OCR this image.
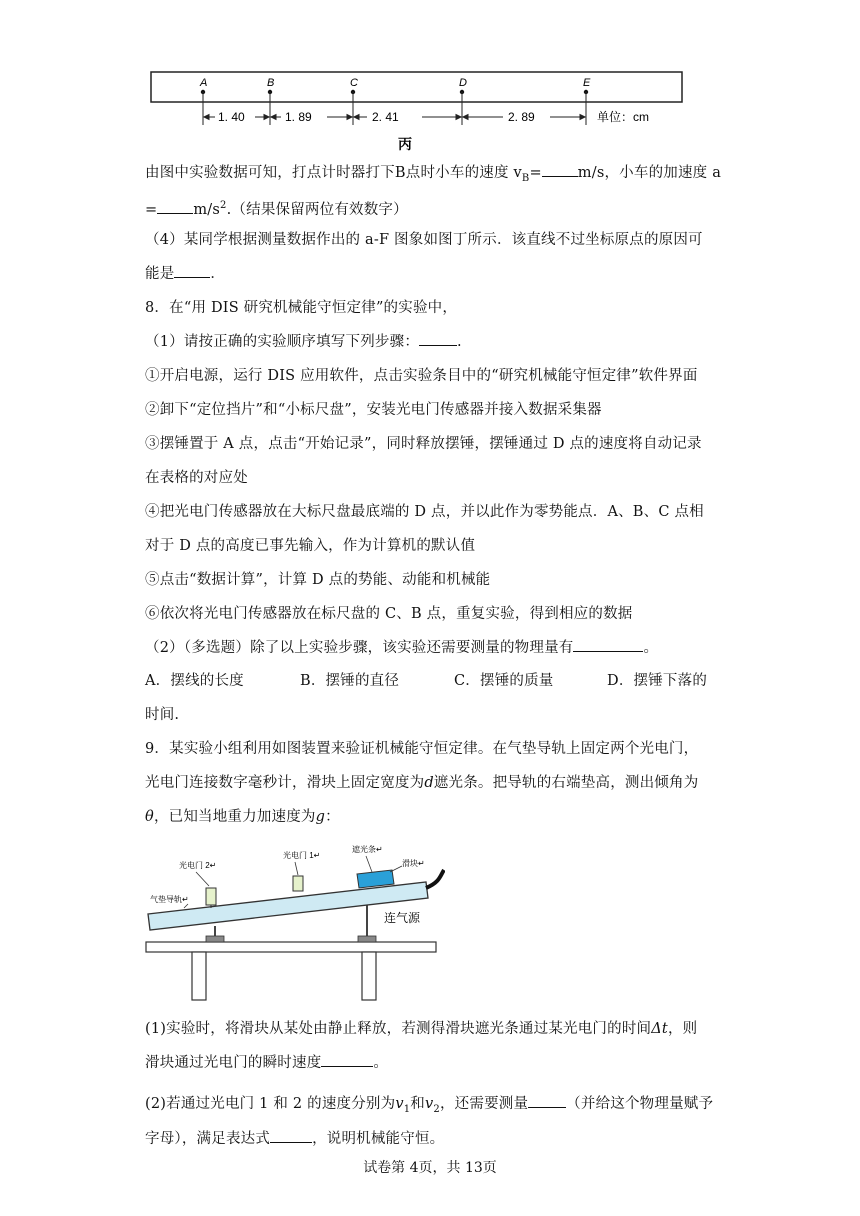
A	B	C	D	E
1. 40	1. 89	2. 41	2. 89	单位：cm
丙
由图中实验数据可知，打点计时器打下B点时小车的速度 $v_B= m/s$，小车的加速度 a
= $m/s^2$.（结果保留两位有效数字）
（4）某同学根据测量数据作出的 a-F 图象如图丁所示．该直线不过坐标原点的原因可
能是 ．
8．在“用 DIS 研究机械能守恒定律”的实验中，
（1）请按正确的实验顺序填写下列步骤：	.
①开启电源，运行 DIS 应用软件，点击实验条目中的“研究机械能守恒定律”软件界面
②卸下“定位挡片”和“小标尺盘”，安装光电门传感器并接入数据采集器
③摆锤置于 A 点，点击“开始记录”，同时释放摆锤，摆锤通过 D 点的速度将自动记录
在表格的对应处
④把光电门传感器放在大标尺盘最底端的 D 点，并以此作为零势能点．A、B、C 点相
对于 D 点的高度已事先输入，作为计算机的默认值
⑤点击“数据计算”，计算 D 点的势能、动能和机械能
⑥依次将光电门传感器放在标尺盘的 C、B 点，重复实验，得到相应的数据
（2）（多选题）除了以上实验步骤，该实验还需要测量的物理量有	。
A．摆线的长度	B．摆锤的直径	C．摆锤的质量	D．摆锤下落的
时间.
9．某实验小组利用如图装置来验证机械能守恒定律。在气垫导轨上固定两个光电门，
光电门连接数字毫秒计，滑块上固定宽度为d遮光条。把导轨的右端垫高，测出倾角为
θ，已知当地重力加速度为g：
光电门 2↵
光电门 1↵
遮光条↵
滑块↵
气垫导轨↵
连气源
(1)实验时，将滑块从某处由静止释放，若测得滑块遮光条通过某光电门的时间Δt，则
滑块通过光电门的瞬时速度	。
(2)若通过光电门 1 和 2 的速度分别为$v_1$和$v_2$，还需要测量	（并给这个物理量赋予
字母），满足表达式	，说明机械能守恒。
试卷第 4页，共 13页
